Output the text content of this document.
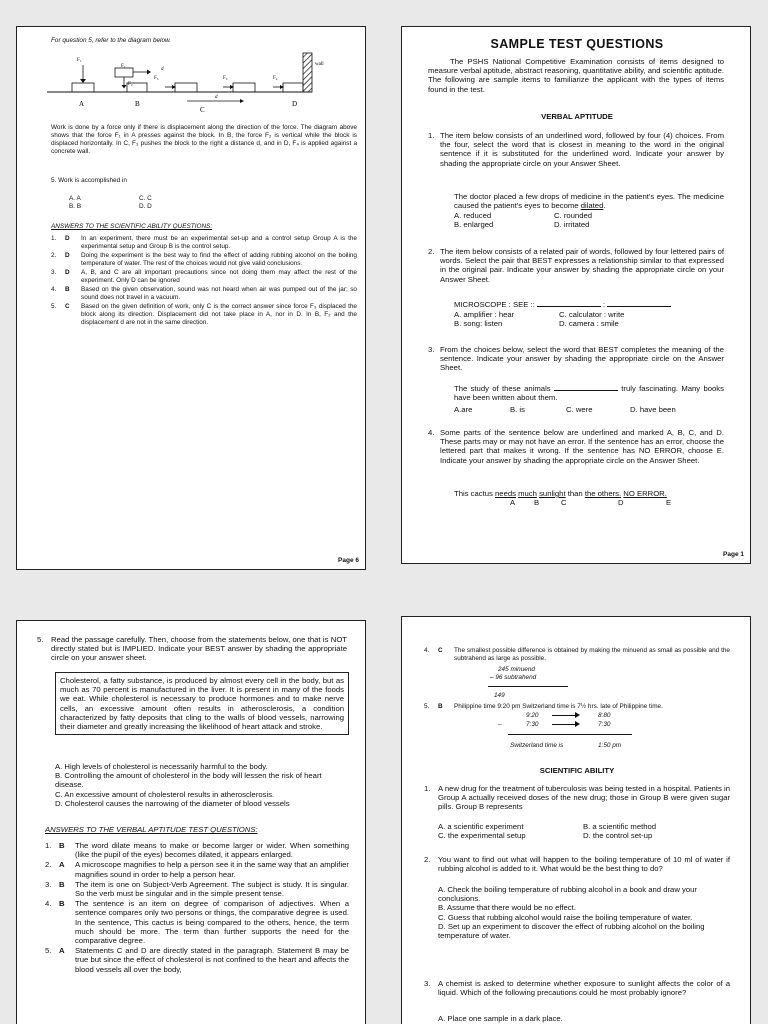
For question 5, refer to the diagram below.
A	B
C
D
wall
F₁
F₁
F₂
F₃	F₃	F₄
d
d
Work is done by a force only if there is displacement along the direction of the force. The diagram above shows that the force F₁ in A presses against the block. In B, the force F₂ is vertical while the block is displaced horizontally. In C, F₃ pushes the block to the right a distance d, and in D, F₄ is applied against a concrete wall.
5. Work is accomplished in
A. A	C. C
B. B	D. D
ANSWERS TO THE SCIENTIFIC ABILITY QUESTIONS:
1.	D	In an experiment, there must be an experimental set-up and a control setup Group A is the experimental setup and Group B is the control setup.
2.	D	Doing the experiment is the best way to find the effect of adding rubbing alcohol on the boiling temperature of water. The rest of the choices would not give valid conclusions.
3.	D	A, B, and C are all important precautions since not doing them may affect the rest of the experiment. Only D can be ignored
4.	B	Based on the given observation, sound was not heard when air was pumped out of the jar; so sound does not travel in a vacuum.
5.	C	Based on the given definition of work, only C is the correct answer since force F₃ displaced the block along its direction. Displacement did not take place in A, nor in D. In B, F₂ and the displacement d are not in the same direction.
Page 6
SAMPLE TEST QUESTIONS
The PSHS National Competitive Examination consists of items designed to measure verbal aptitude, abstract reasoning, quantitative ability, and scientific aptitude. The following are sample items to familiarize the applicant with the types of items found in the test.
VERBAL APTITUDE
1. The item below consists of an underlined word, followed by four (4) choices. From the four, select the word that is closest in meaning to the word in the original sentence if it is substituted for the underlined word. Indicate your answer by shading the appropriate circle on your Answer Sheet.
The doctor placed a few drops of medicine in the patient's eyes. The medicine caused the patient's eyes to become dilated.
A. reduced	C. rounded
B. enlarged	D. irritated
2. The item below consists of a related pair of words, followed by four lettered pairs of words. Select the pair that BEST expresses a relationship similar to that expressed in the original pair. Indicate your answer by shading the appropriate circle on your Answer Sheet.
MICROSCOPE : SEE ::	:
A. amplifier : hear	C. calculator : write
B. song: listen	D. camera : smile
3. From the choices below, select the word that BEST completes the meaning of the sentence. Indicate your answer by shading the appropriate circle on the Answer Sheet.
The study of these animals	truly fascinating. Many books have been written about them.
A.are	B. is	C. were	D. have been
4. Some parts of the sentence below are underlined and marked A, B, C, and D. These parts may or may not have an error. If the sentence has an error, choose the lettered part that makes it wrong. If the sentence has NO ERROR, choose E. Indicate your answer by shading the appropriate circle on the Answer Sheet.
This cactus needs much sunlight than the others. NO ERROR.
A B	C	D	E
Page 1
5. Read the passage carefully. Then, choose from the statements below, one that is NOT directly stated but is IMPLIED. Indicate your BEST answer by shading the appropriate circle on your answer sheet.
Cholesterol, a fatty substance, is produced by almost every cell in the body, but as much as 70 percent is manufactured in the liver. It is present in many of the foods we eat. While cholesterol is necessary to produce hormones and to make nerve cells, an excessive amount often results in atherosclerosis, a condition characterized by fatty deposits that cling to the walls of blood vessels, narrowing their diameter and greatly increasing the likelihood of heart attack and stroke.
A. High levels of cholesterol is necessarily harmful to the body.
B. Controlling the amount of cholesterol in the body will lessen the risk of heart disease.
C. An excessive amount of cholesterol results in atherosclerosis.
D. Cholesterol causes the narrowing of the diameter of blood vessels
ANSWERS TO THE VERBAL APTITUDE TEST QUESTIONS:
1. B	The word dilate means to make or become larger or wider. When something (like the pupil of the eyes) becomes dilated, it appears enlarged.
2. A	A microscope magnifies to help a person see it in the same way that an amplifier magnifies sound in order to help a person hear.
3. B	The item is one on Subject-Verb Agreement. The subject is study. It is singular. So the verb must be singular and in the simple present tense.
4. B	The sentence is an item on degree of comparison of adjectives. When a sentence compares only two persons or things, the comparative degree is used. In the sentence, This cactus is being compared to the others, hence, the term much should be more. The term than further supports the need for the comparative degree.
5. A	Statements C and D are directly stated in the paragraph. Statement B may be true but since the effect of cholesterol is not confined to the heart and affects the blood vessels all over the body,
4.	C	The smallest possible difference is obtained by making the minuend as small as possible and the subtrahend as large as possible.
245 minuend
– 96 subtrahend
149
5.	B	Philippine time 9:20 pm Switzerland time is 7½ hrs. late of Philippine time.
9:20	8:80
–	7:30	7:30
Switzerland time is	1:50 pm
SCIENTIFIC ABILITY
1. A new drug for the treatment of tuberculosis was being tested in a hospital. Patients in Group A actually received doses of the new drug; those in Group B were given sugar pills. Group B represents
A. a scientific experiment	B. a scientific method
C. the experimental setup	D. the control set-up
2. You want to find out what will happen to the boiling temperature of 10 ml of water if rubbing alcohol is added to it. What would be the best thing to do?
A. Check the boiling temperature of rubbing alcohol in a book and draw your conclusions.
B. Assume that there would be no effect.
C. Guess that rubbing alcohol would raise the boiling temperature of water.
D. Set up an experiment to discover the effect of rubbing alcohol on the boiling temperature of water.
3. A chemist is asked to determine whether exposure to sunlight affects the color of a liquid. Which of the following precautions could he most probably ignore?
A. Place one sample in a dark place.
